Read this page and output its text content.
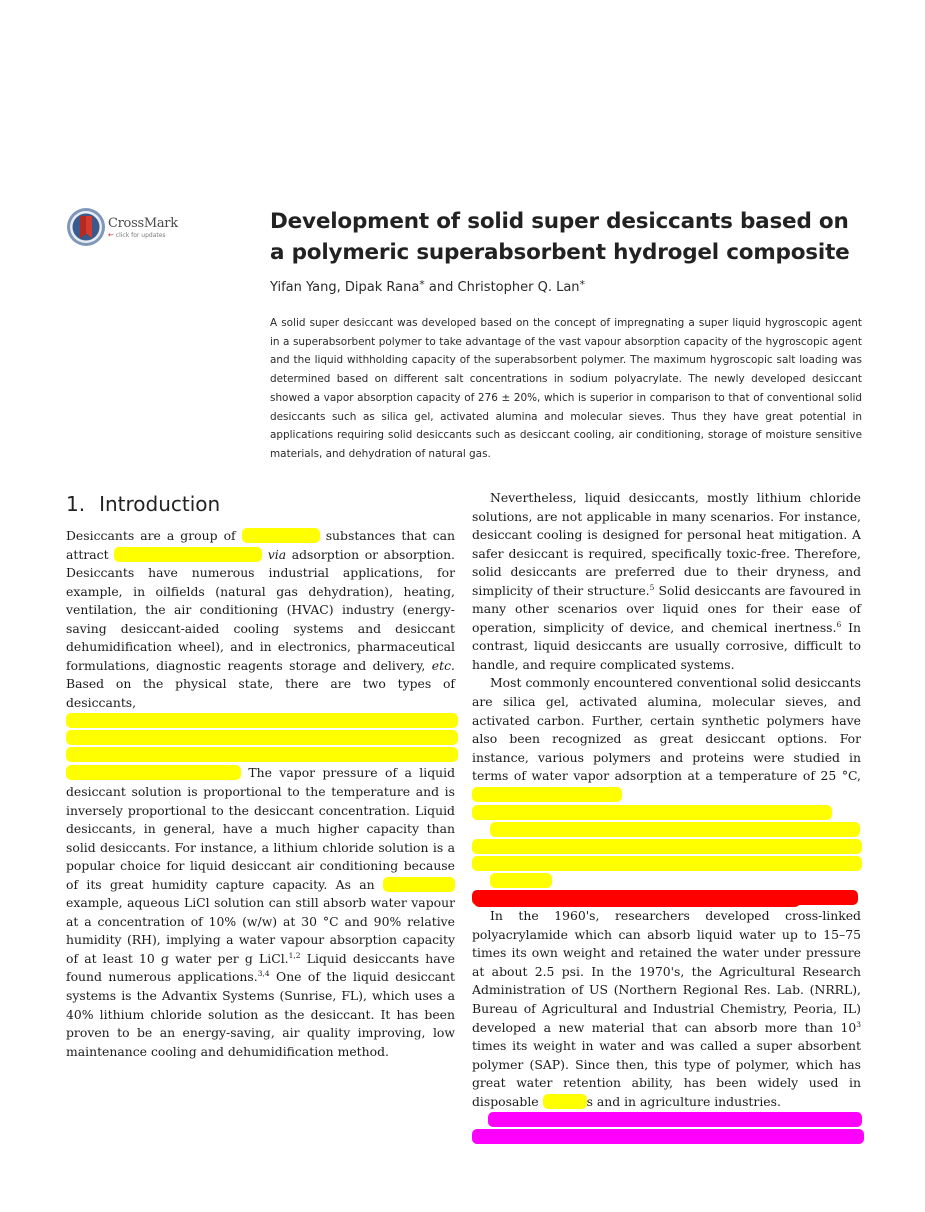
CrossMark
← click for updates
Development of solid super desiccants based on a polymeric superabsorbent hydrogel composite
Yifan Yang, Dipak Rana* and Christopher Q. Lan*

A solid super desiccant was developed based on the concept of impregnating a super liquid hygroscopic agent in a superabsorbent polymer to take advantage of the vast vapour absorption capacity of the hygroscopic agent and the liquid withholding capacity of the superabsorbent polymer. The maximum hygroscopic salt loading was determined based on different salt concentrations in sodium polyacrylate. The newly developed desiccant showed a vapor absorption capacity of 276 ± 20%, which is superior in comparison to that of conventional solid desiccants such as silica gel, activated alumina and molecular sieves. Thus they have great potential in applications requiring solid desiccants such as desiccant cooling, air conditioning, storage of moisture sensitive materials, and dehydration of natural gas.

1. Introduction

Desiccants are a group of	substances that can attract	via adsorption or absorption. Desiccants have numerous industrial applications, for example, in oilfields (natural gas dehydration), heating, ventilation, the air conditioning (HVAC) industry (energy-saving desiccant-aided cooling systems and desiccant dehumidification wheel), and in electronics, pharmaceutical formulations, diagnostic reagents storage and delivery, etc. Based on the physical state, there are two types of desiccants,
The vapor pressure of a liquid desiccant solution is proportional to the temperature and is inversely proportional to the desiccant concentration. Liquid desiccants, in general, have a much higher capacity than solid desiccants. For instance, a lithium chloride solution is a popular choice for liquid desiccant air conditioning because of its great humidity capture capacity. As an  example, aqueous LiCl solution can still absorb water vapour at a concentration of 10% (w/w) at 30 °C and 90% relative humidity (RH), implying a water vapour absorption capacity of at least 10 g water per g LiCl.$^{1,2}$ Liquid desiccants have found numerous applications.$^{3,4}$ One of the liquid desiccant systems is the Advantix Systems (Sunrise, FL), which uses a 40% lithium chloride solution as the desiccant. It has been proven to be an energy-saving, air quality improving, low maintenance cooling and dehumidification method.

Nevertheless, liquid desiccants, mostly lithium chloride solutions, are not applicable in many scenarios. For instance, desiccant cooling is designed for personal heat mitigation. A safer desiccant is required, specifically toxic-free. Therefore, solid desiccants are preferred due to their dryness, and simplicity of their structure.$^5$ Solid desiccants are favoured in many other scenarios over liquid ones for their ease of operation, simplicity of device, and chemical inertness.$^6$ In contrast, liquid desiccants are usually corrosive, difficult to handle, and require complicated systems.

Most commonly encountered conventional solid desiccants are silica gel, activated alumina, molecular sieves, and activated carbon. Further, certain synthetic polymers have also been recognized as great desiccant options. For instance, various polymers and proteins were studied in terms of water vapor adsorption at a temperature of 25 °C,

In the 1960's, researchers developed cross-linked polyacrylamide which can absorb liquid water up to 15–75 times its own weight and retained the water under pressure at about 2.5 psi. In the 1970's, the Agricultural Research Administration of US (Northern Regional Res. Lab. (NRRL), Bureau of Agricultural and Industrial Chemistry, Peoria, IL) developed a new material that can absorb more than $10^3$ times its weight in water and was called a super absorbent polymer (SAP). Since then, this type of polymer, which has great water retention ability, has been widely used in disposable	s and in agriculture industries.
